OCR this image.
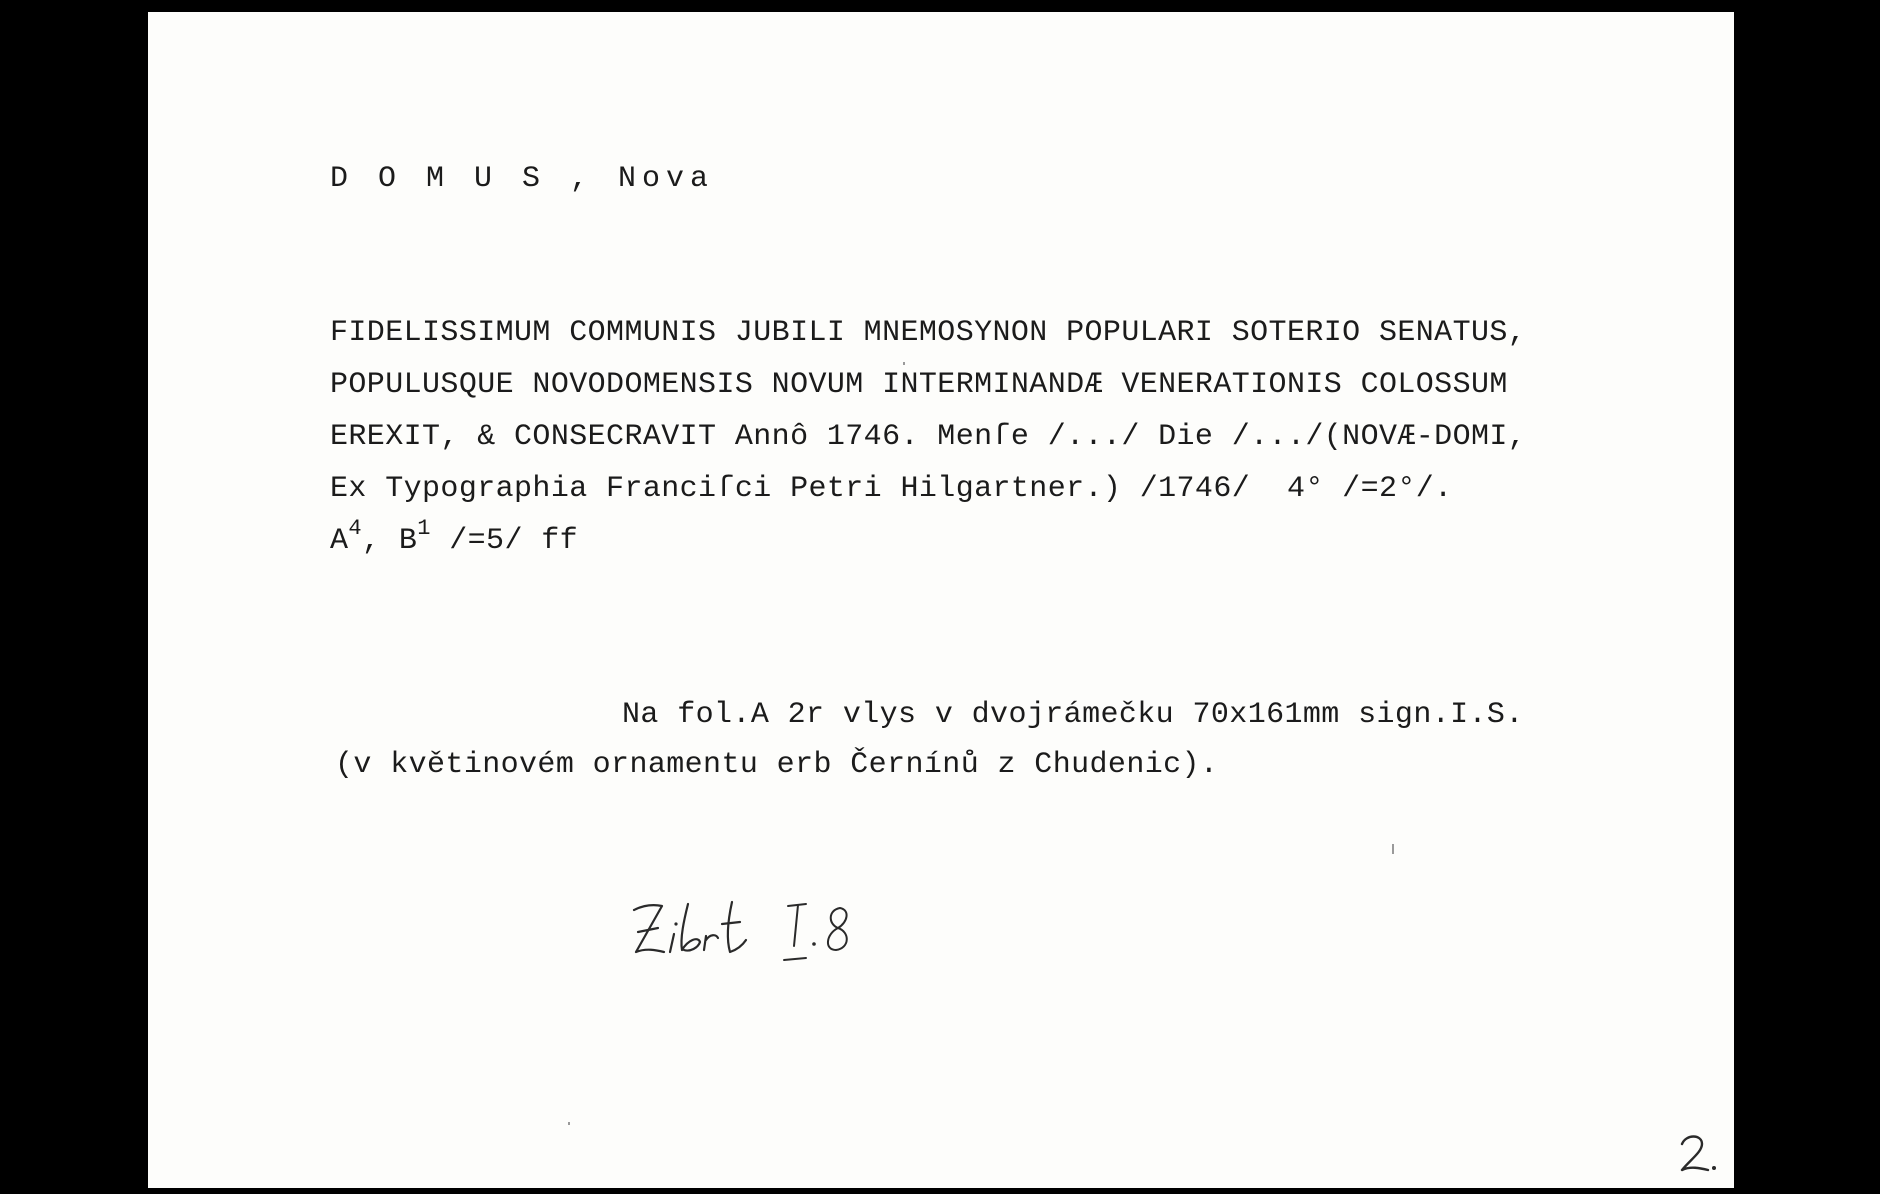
D O M U S , Nova
FIDELISSIMUM COMMUNIS JUBILI MNEMOSYNON POPULARI SOTERIO SENATUS,
POPULUSQUE NOVODOMENSIS NOVUM INTERMINANDÆ VENERATIONIS COLOSSUM
EREXIT, & CONSECRAVIT Annô 1746. Menſe /.../ Die /.../(NOVÆ-DOMI,
Ex Typographia Franciſci Petri Hilgartner.) /1746/  4° /=2°/.
$A^4$, $B^1$ /=5/ ff
Na fol.A 2r vlys v dvojrámečku 70x161mm sign.I.S.
(v květinovém ornamentu erb Černínů z Chudenic).
